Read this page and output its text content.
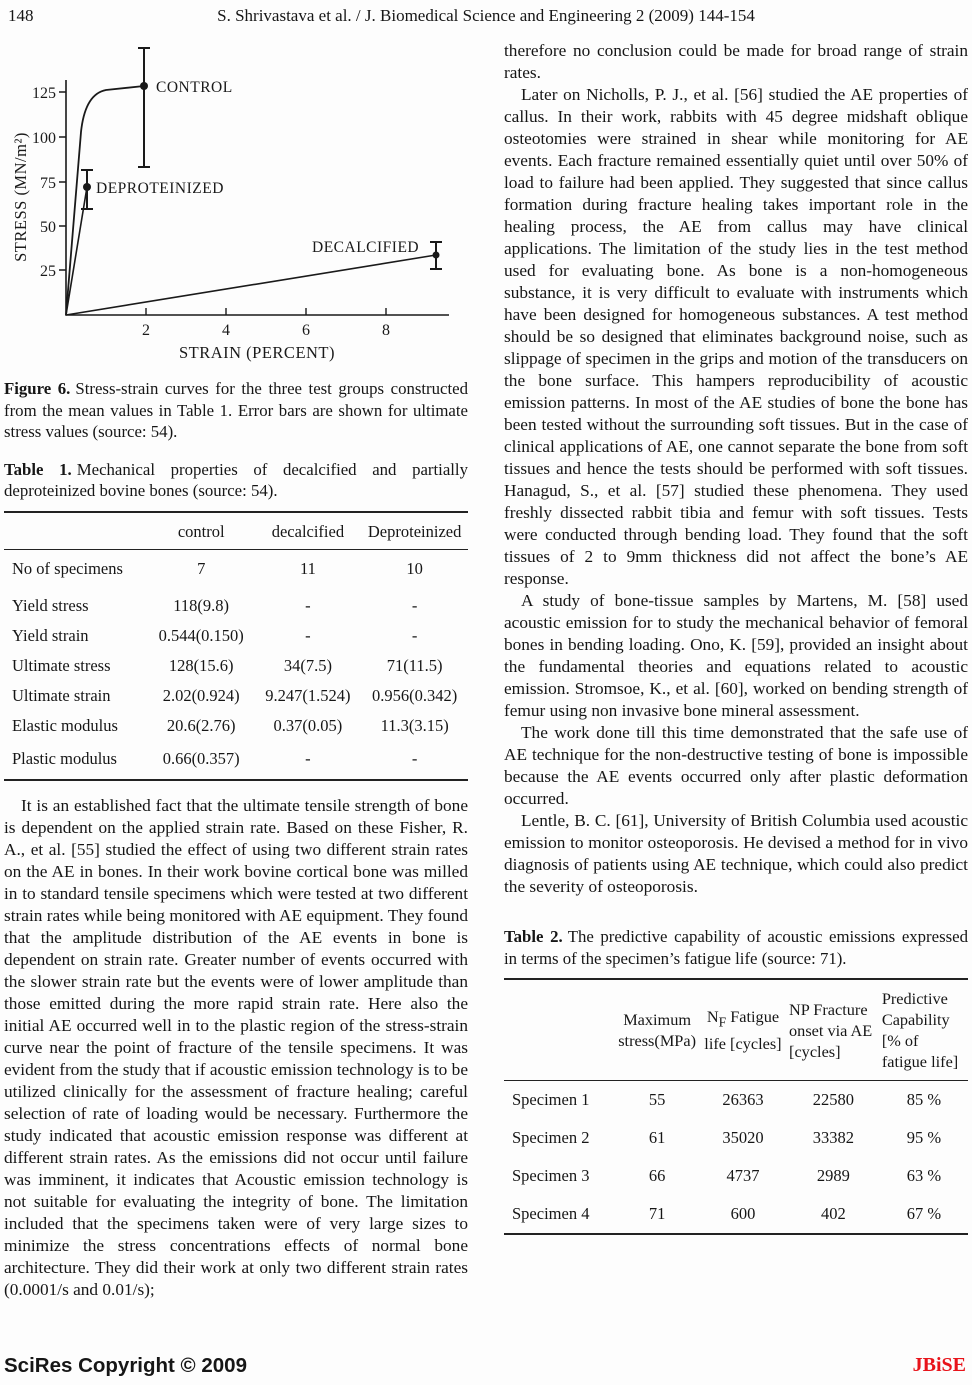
148	S. Shrivastava et al. / J. Biomedical Science and Engineering 2 (2009) 144-154
125
100
75
50
25
2	4	6	8
STRAIN (PERCENT)
STRESS (MN/m²)
CONTROL
DEPROTEINIZED
DECALCIFIED

Figure 6. Stress-strain curves for the three test groups constructed from the mean values in Table 1. Error bars are shown for ultimate stress values (source: 54).

Table 1. Mechanical properties of decalcified and partially deproteinized bovine bones (source: 54).

	control	decalcified	Deproteinized
No of specimens	7	11	10
Yield stress	118(9.8)	-	-
Yield strain	0.544(0.150)	-	-
Ultimate stress	128(15.6)	34(7.5)	71(11.5)
Ultimate strain	2.02(0.924)	9.247(1.524)	0.956(0.342)
Elastic modulus	20.6(2.76)	0.37(0.05)	11.3(3.15)
Plastic modulus	0.66(0.357)	-	-

It is an established fact that the ultimate tensile strength of bone is dependent on the applied strain rate. Based on these Fisher, R. A., et al. [55] studied the effect of using two different strain rates on the AE in bones. In their work bovine cortical bone was milled in to standard tensile specimens which were tested at two different strain rates while being monitored with AE equipment. They found that the amplitude distribution of the AE events in bone is dependent on strain rate. Greater number of events occurred with the slower strain rate but the events were of lower amplitude than those emitted during the more rapid strain rate. Here also the initial AE occurred well in to the plastic region of the stress-strain curve near the point of fracture of the tensile specimens. It was evident from the study that if acoustic emission technology is to be utilized clinically for the assessment of fracture healing; careful selection of rate of loading would be necessary. Furthermore the study indicated that acoustic emission response was different at different strain rates. As the emissions did not occur until failure was imminent, it indicates that Acoustic emission technology is not suitable for evaluating the integrity of bone. The limitation included that the specimens taken were of very large sizes to minimize the stress concentrations effects of normal bone architecture. They did their work at only two different strain rates (0.0001/s and 0.01/s);

therefore no conclusion could be made for broad range of strain rates.

Later on Nicholls, P. J., et al. [56] studied the AE properties of callus. In their work, rabbits with 45 degree midshaft oblique osteotomies were strained in shear while monitoring for AE events. Each fracture remained essentially quiet until over 50% of load to failure had been applied. They suggested that since callus formation during fracture healing takes important role in the healing process, the AE from callus may have clinical applications. The limitation of the study lies in the test method used for evaluating bone. As bone is a non-homogeneous substance, it is very difficult to evaluate with instruments which have been designed for homogeneous substances. A test method should be so designed that eliminates background noise, such as slippage of specimen in the grips and motion of the transducers on the bone surface. This hampers reproducibility of acoustic emission patterns. In most of the AE studies of bone the bone has been tested without the surrounding soft tissues. But in the case of clinical applications of AE, one cannot separate the bone from soft tissues and hence the tests should be performed with soft tissues. Hanagud, S., et al. [57] studied these phenomena. They used freshly dissected rabbit tibia and femur with soft tissues. Tests were conducted through bending load. They found that the soft tissues of 2 to 9mm thickness did not affect the bone’s AE response.

A study of bone-tissue samples by Martens, M. [58] used acoustic emission for to study the mechanical behavior of femoral bones in bending loading. Ono, K. [59], provided an insight about the fundamental theories and equations related to acoustic emission. Stromsoe, K., et al. [60], worked on bending strength of femur using non invasive bone mineral assessment.

The work done till this time demonstrated that the safe use of AE technique for the non-destructive testing of bone is impossible because the AE events occurred only after plastic deformation occurred.

Lentle, B. C. [61], University of British Columbia used acoustic emission to monitor osteoporosis. He devised a method for in vivo diagnosis of patients using AE technique, which could also predict the severity of osteoporosis.

Table 2. The predictive capability of acoustic emissions expressed in terms of the specimen’s fatigue life (source: 71).

	Maximum stress(MPa)	$N_F$ Fatigue life [cycles]	NP Fracture onset via AE [cycles]	Predictive Capability [% of fatigue life]
Specimen 1	55	26363	22580	85 %
Specimen 2	61	35020	33382	95 %
Specimen 3	66	4737	2989	63 %
Specimen 4	71	600	402	67 %
SciRes Copyright © 2009	JBiSE
